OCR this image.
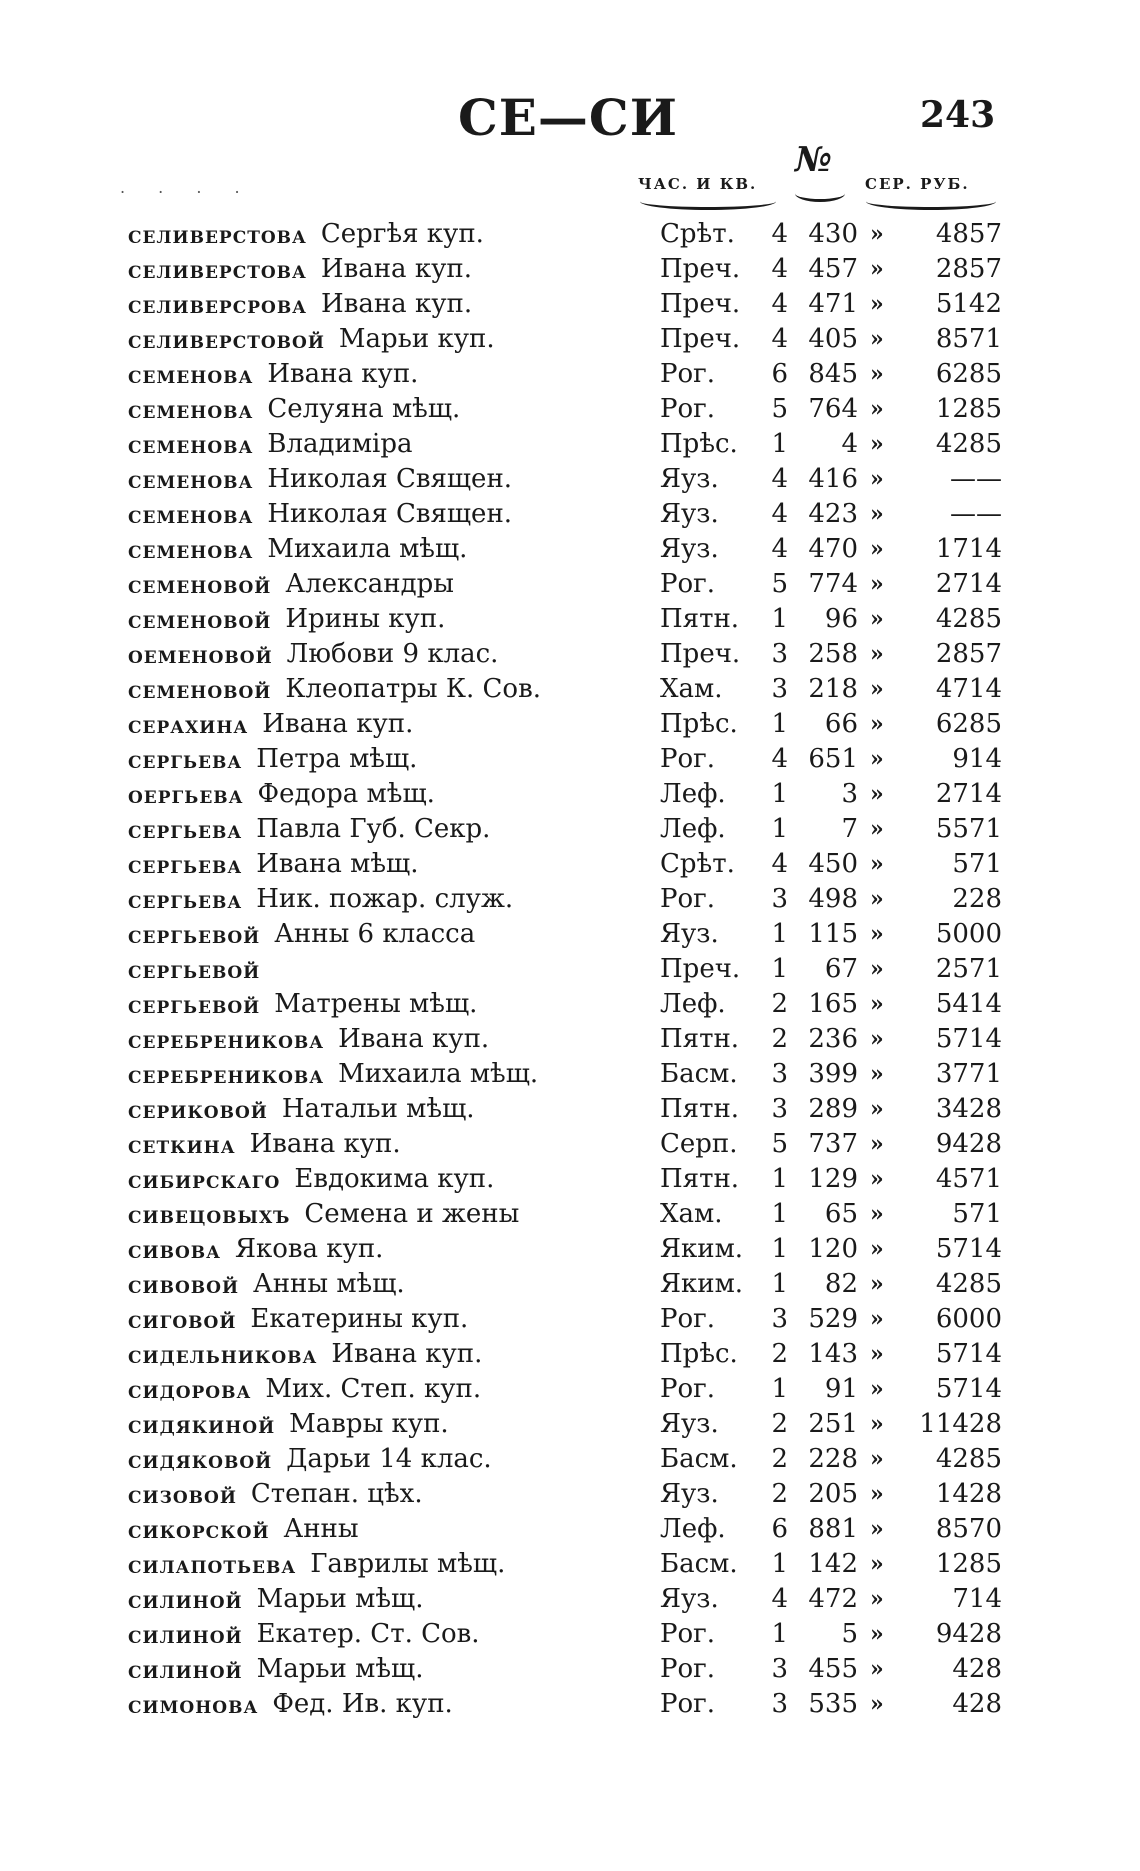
СЕ—СИ	243
. . . .	ЧАС. И КВ.
№
СЕР. РУБ.
селиверстова Сергѣя куп.	Срѣт.	4 430 »	4857
селиверстова Ивана куп.	Преч.	4 457 »	2857
селиверсрова Ивана куп.	Преч.	4 471 »	5142
селиверстовой Марьи куп.	Преч.	4 405 »	8571
семенова Ивана куп.	Рог.	6 845 »	6285
семенова Селуяна мѣщ.	Рог.	5 764 »	1285
семенова Владиміра	Прѣс.	1	4 »	4285
семенова Николая Священ.	Яуз.	4 416 »	——
семенова Николая Священ.	Яуз.	4 423 »	——
семенова Михаила мѣщ.	Яуз.	4 470 »	1714
семеновой Александры	Рог.	5 774 »	2714
семеновой Ирины куп.	Пятн.	1	96 »	4285
оеменовой Любови 9 клас.	Преч.	3 258 »	2857
семеновой Клеопатры К. Сов.	Хам.	3 218 »	4714
серахина Ивана куп.	Прѣс.	1	66 »	6285
сергьева Петра мѣщ.	Рог.	4 651 »	914
оергьева Федора мѣщ.	Леф.	1	3 »	2714
сергьева Павла Губ. Секр.	Леф.	1	7 »	5571
сергьева Ивана мѣщ.	Срѣт.	4 450 »	571
сергьева Ник. пожар. служ.	Рог.	3 498 »	228
сергьевой Анны 6 класса	Яуз.	1 115 »	5000
сергьевой	Преч.	1	67 »	2571
сергьевой Матрены мѣщ.	Леф.	2 165 »	5414
серебреникова Ивана куп.	Пятн.	2 236 »	5714
серебреникова Михаила мѣщ.	Басм.	3 399 »	3771
сериковой Натальи мѣщ.	Пятн.	3 289 »	3428
сеткина Ивана куп.	Серп.	5 737 »	9428
сибирскаго Евдокима куп.	Пятн.	1 129 »	4571
сивецовыхъ Семена и жены	Хам.	1	65 »	571
сивова Якова куп.	Яким.	1 120 »	5714
сивовой Анны мѣщ.	Яким.	1	82 »	4285
сиговой Екатерины куп.	Рог.	3 529 »	6000
сидельникова Ивана куп.	Прѣс.	2 143 »	5714
сидорова Мих. Степ. куп.	Рог.	1	91 »	5714
сидякиной Мавры куп.	Яуз.	2 251 »	11428
сидяковой Дарьи 14 клас.	Басм.	2 228 »	4285
сизовой Степан. цѣх.	Яуз.	2 205 »	1428
сикорской Анны	Леф.	6 881 »	8570
силапотьева Гаврилы мѣщ.	Басм.	1 142 »	1285
силиной Марьи мѣщ.	Яуз.	4 472 »	714
силиной Екатер. Ст. Сов.	Рог.	1	5 »	9428
силиной Марьи мѣщ.	Рог.	3 455 »	428
симонова Фед. Ив. куп.	Рог.	3 535 »	428
